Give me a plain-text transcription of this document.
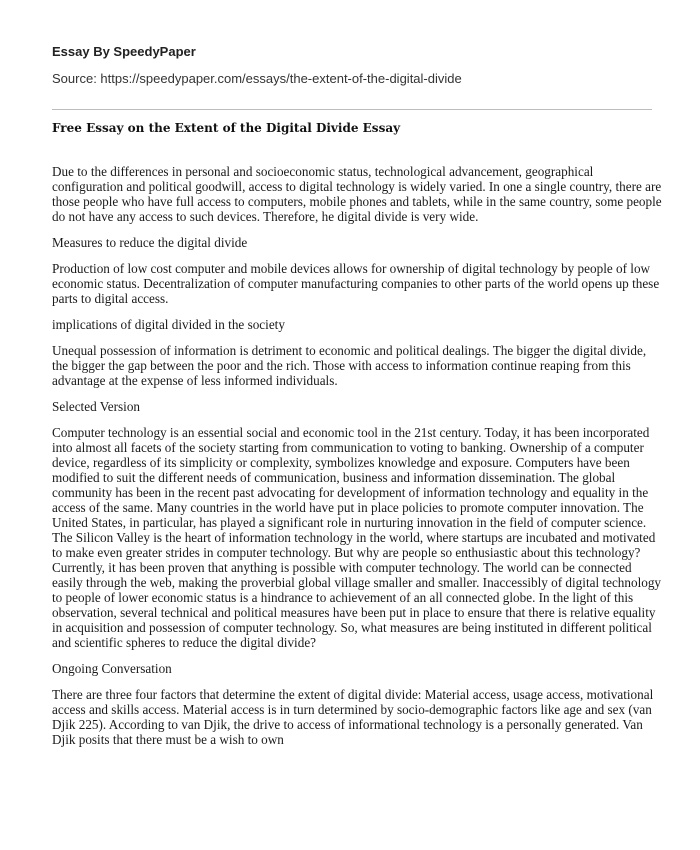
Essay By SpeedyPaper
Source: https://speedypaper.com/essays/the-extent-of-the-digital-divide
Free Essay on the Extent of the Digital Divide Essay

Due to the differences in personal and socioeconomic status, technological advancement, geographical configuration and political goodwill, access to digital technology is widely varied. In one a single country, there are those people who have full access to computers, mobile phones and tablets, while in the same country, some people do not have any access to such devices. Therefore, he digital divide is very wide.

Measures to reduce the digital divide

Production of low cost computer and mobile devices allows for ownership of digital technology by people of low economic status. Decentralization of computer manufacturing companies to other parts of the world opens up these parts to digital access.

implications of digital divided in the society

Unequal possession of information is detriment to economic and political dealings. The bigger the digital divide, the bigger the gap between the poor and the rich. Those with access to information continue reaping from this advantage at the expense of less informed individuals.

Selected Version

Computer technology is an essential social and economic tool in the 21st century. Today, it has been incorporated into almost all facets of the society starting from communication to voting to banking. Ownership of a computer device, regardless of its simplicity or complexity, symbolizes knowledge and exposure. Computers have been modified to suit the different needs of communication, business and information dissemination. The global community has been in the recent past advocating for development of information technology and equality in the access of the same. Many countries in the world have put in place policies to promote computer innovation. The United States, in particular, has played a significant role in nurturing innovation in the field of computer science. The Silicon Valley is the heart of information technology in the world, where startups are incubated and motivated to make even greater strides in computer technology. But why are people so enthusiastic about this technology? Currently, it has been proven that anything is possible with computer technology. The world can be connected easily through the web, making the proverbial global village smaller and smaller. Inaccessibly of digital technology to people of lower economic status is a hindrance to achievement of an all connected globe. In the light of this observation, several technical and political measures have been put in place to ensure that there is relative equality in acquisition and possession of computer technology. So, what measures are being instituted in different political and scientific spheres to reduce the digital divide?

Ongoing Conversation

There are three four factors that determine the extent of digital divide: Material access, usage access, motivational access and skills access. Material access is in turn determined by socio-demographic factors like age and sex (van Djik 225). According to van Djik, the drive to access of informational technology is a personally generated. Van Djik posits that there must be a wish to own
